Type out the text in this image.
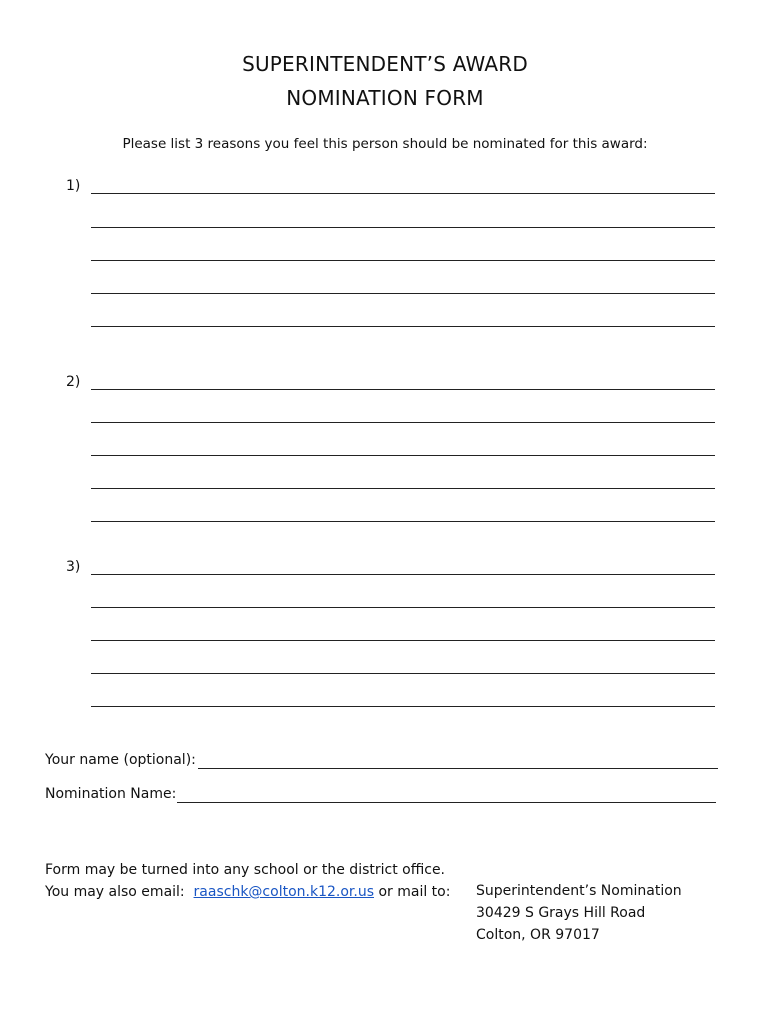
SUPERINTENDENT’S AWARD
NOMINATION FORM
Please list 3 reasons you feel this person should be nominated for this award:
1)
2)
3)
Your name (optional):
Nomination Name:
Form may be turned into any school or the district office.
You may also email: raaschk@colton.k12.or.us or mail to: Superintendent’s Nomination
30429 S Grays Hill Road
Colton, OR 97017
